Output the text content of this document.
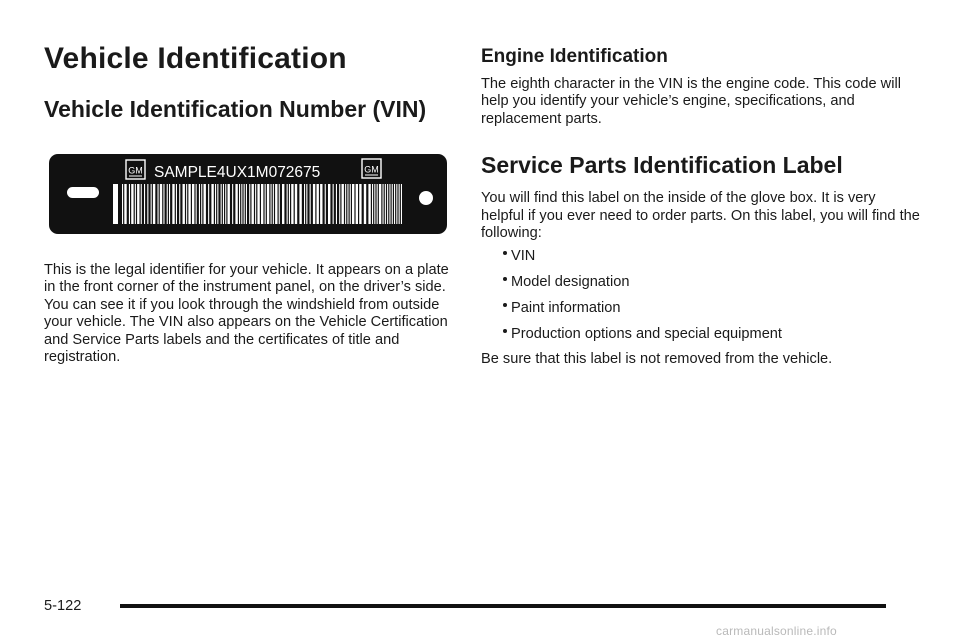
Vehicle Identification
Vehicle Identification Number (VIN)
GM	GM
SAMPLE4UX1M072675

This is the legal identifier for your vehicle. It appears on a plate in the front corner of the instrument panel, on the driver’s side. You can see it if you look through the windshield from outside your vehicle. The VIN also appears on the Vehicle Certification and Service Parts labels and the certificates of title and registration.

Engine Identification

The eighth character in the VIN is the engine code. This code will help you identify your vehicle’s engine, specifications, and replacement parts.

Service Parts Identification Label

You will find this label on the inside of the glove box. It is very helpful if you ever need to order parts. On this label, you will find the following:

VIN
Model designation
Paint information
Production options and special equipment

Be sure that this label is not removed from the vehicle.

5-122
carmanualsonline.info
